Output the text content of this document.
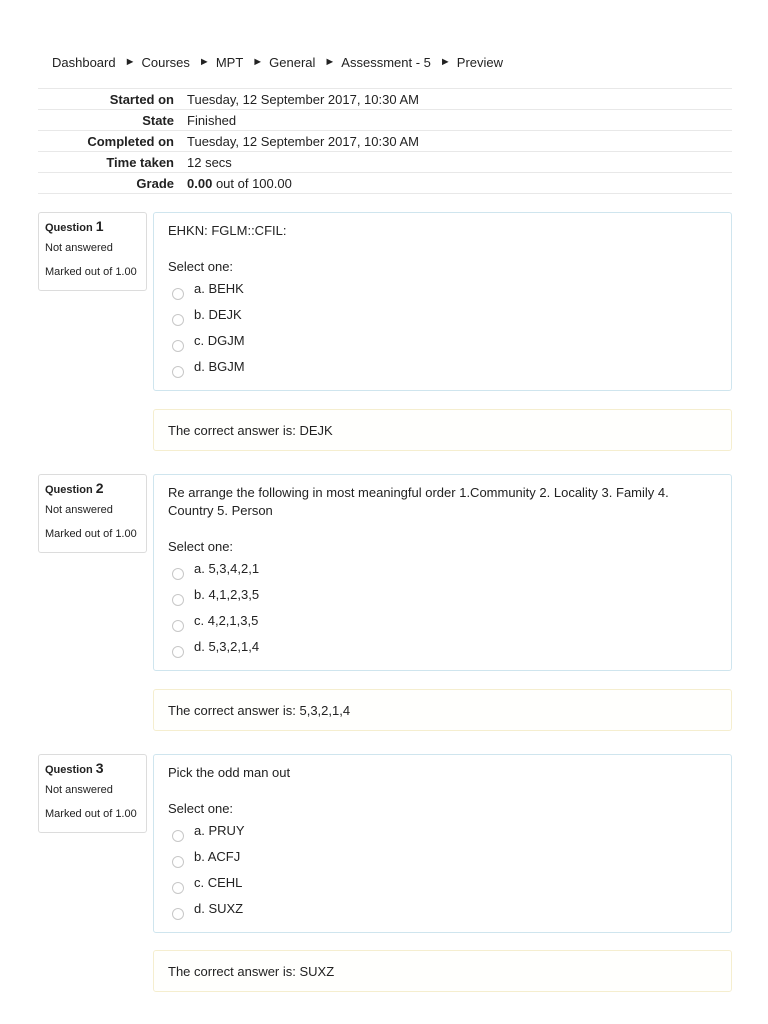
Dashboard ► Courses ► MPT ► General ► Assessment - 5 ► Preview
Started on	Tuesday, 12 September 2017, 10:30 AM
State	Finished
Completed on	Tuesday, 12 September 2017, 10:30 AM
Time taken	12 secs
Grade	0.00 out of 100.00
Question 1
Not answered
Marked out of 1.00
EHKN: FGLM::CFIL:
Select one:
a. BEHK
b. DEJK
c. DGJM
d. BGJM
The correct answer is: DEJK
Question 2
Not answered
Marked out of 1.00
Re arrange the following in most meaningful order 1.Community 2. Locality 3. Family 4. Country 5. Person
Select one:
a. 5,3,4,2,1
b. 4,1,2,3,5
c. 4,2,1,3,5
d. 5,3,2,1,4
The correct answer is: 5,3,2,1,4
Question 3
Not answered
Marked out of 1.00
Pick the odd man out
Select one:
a. PRUY
b. ACFJ
c. CEHL
d. SUXZ
The correct answer is: SUXZ
